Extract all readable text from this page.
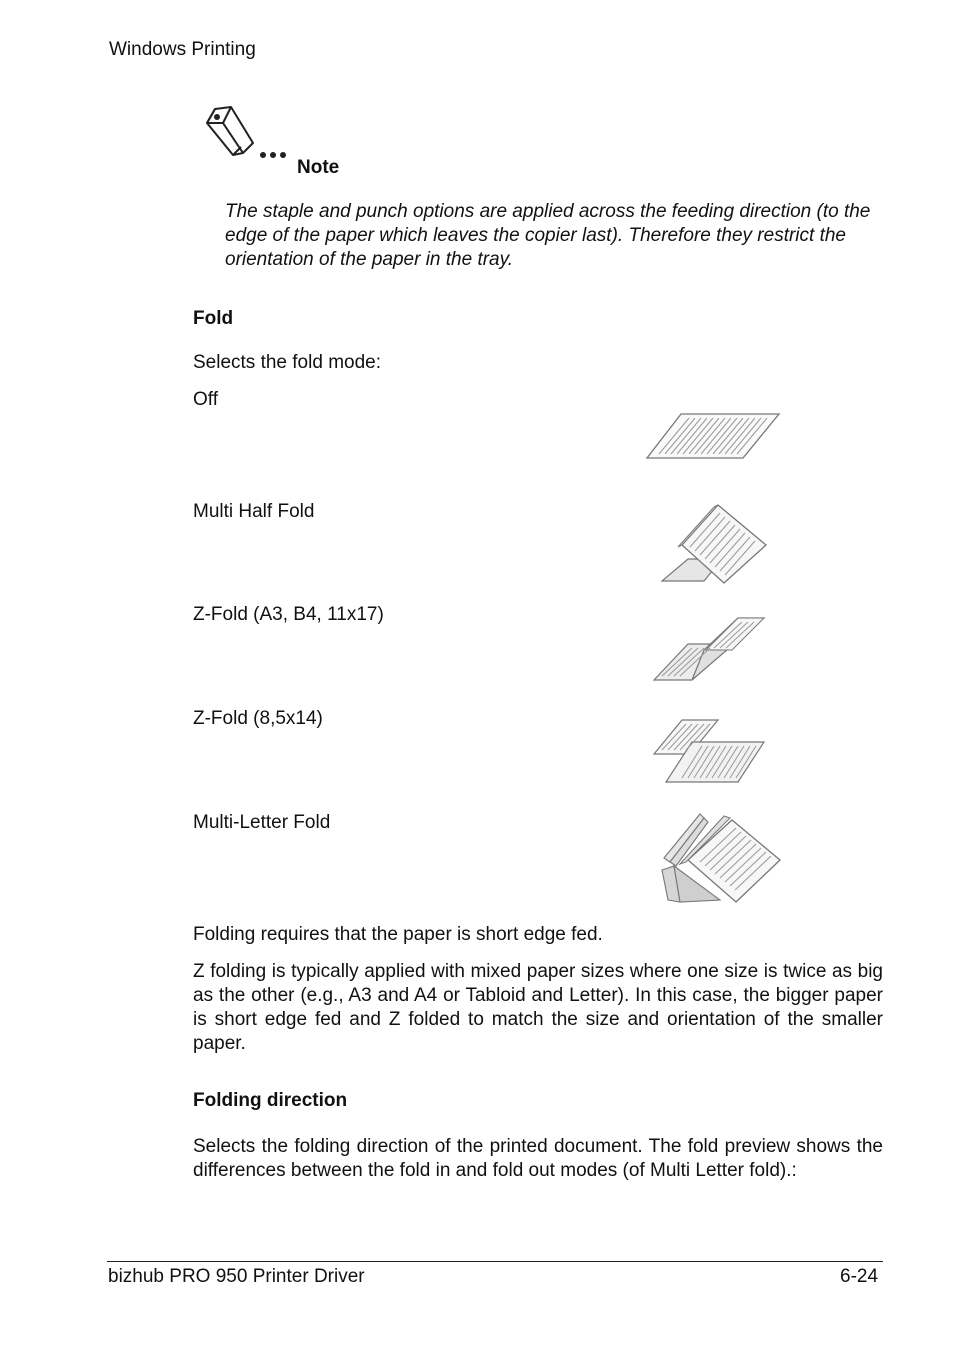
Windows Printing
Note
The staple and punch options are applied across the feeding direction (to the edge of the paper which leaves the copier last). Therefore they restrict the orientation of the paper in the tray.
Fold
Selects the fold mode:
Off
Multi Half Fold
Z-Fold (A3, B4, 11x17)
Z-Fold (8,5x14)
Multi-Letter Fold
Folding requires that the paper is short edge fed.
Z folding is typically applied with mixed paper sizes where one size is twice as big as the other (e.g., A3 and A4 or Tabloid and Letter). In this case, the bigger paper is short edge fed and Z folded to match the size and orientation of the smaller paper.
Folding direction
Selects the folding direction of the printed document. The fold preview shows the differences between the fold in and fold out modes (of Multi Letter fold).:
bizhub PRO 950 Printer Driver	6-24
